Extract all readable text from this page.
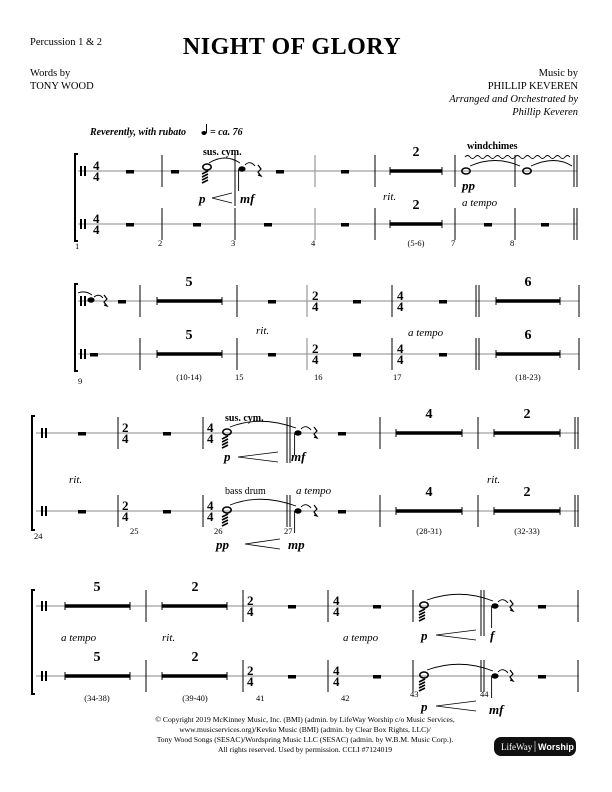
Percussion 1 & 2	NIGHT OF GLORY
Words by
TONY WOOD
Music by
PHILLIP KEVEREN
Arranged and Orchestrated by
Phillip Keveren
Reverently, with rubato = ca. 76
4
4
2
sus. cym.
windchimes
p	mf
pp
rit.	a tempo
4
4
2
1	2	3	4	(5-6)	7	8
5
2
4
4
4
6
rit.	a tempo
5
2
4
4
4
6
9	(10-14)	15	16	17	(18-23)
2
4
4
4
4	2
sus. cym.
p	mf
rit.
a tempo
rit.
bass drum
2
4
4
4
4	2
24	25	26	27	(28-31)	(32-33)
pp	mp
5	2
2
4
4
4
a tempo	rit.	a tempo	p	f
5	2
2
4
4
4
(34-38)	(39-40)	41	42	43	44
p	mf
© Copyright 2019 McKinney Music, Inc. (BMI) (admin. by LifeWay Worship c/o Music Services,
www.musicservices.org)/Kevko Music (BMI) (admin. by Clear Box Rights, LLC)/
Tony Wood Songs (SESAC)/Wordspring Music LLC (SESAC) (admin. by W.B.M. Music Corp.).
All rights reserved. Used by permission. CCLI #7124019	LifeWay Worship
